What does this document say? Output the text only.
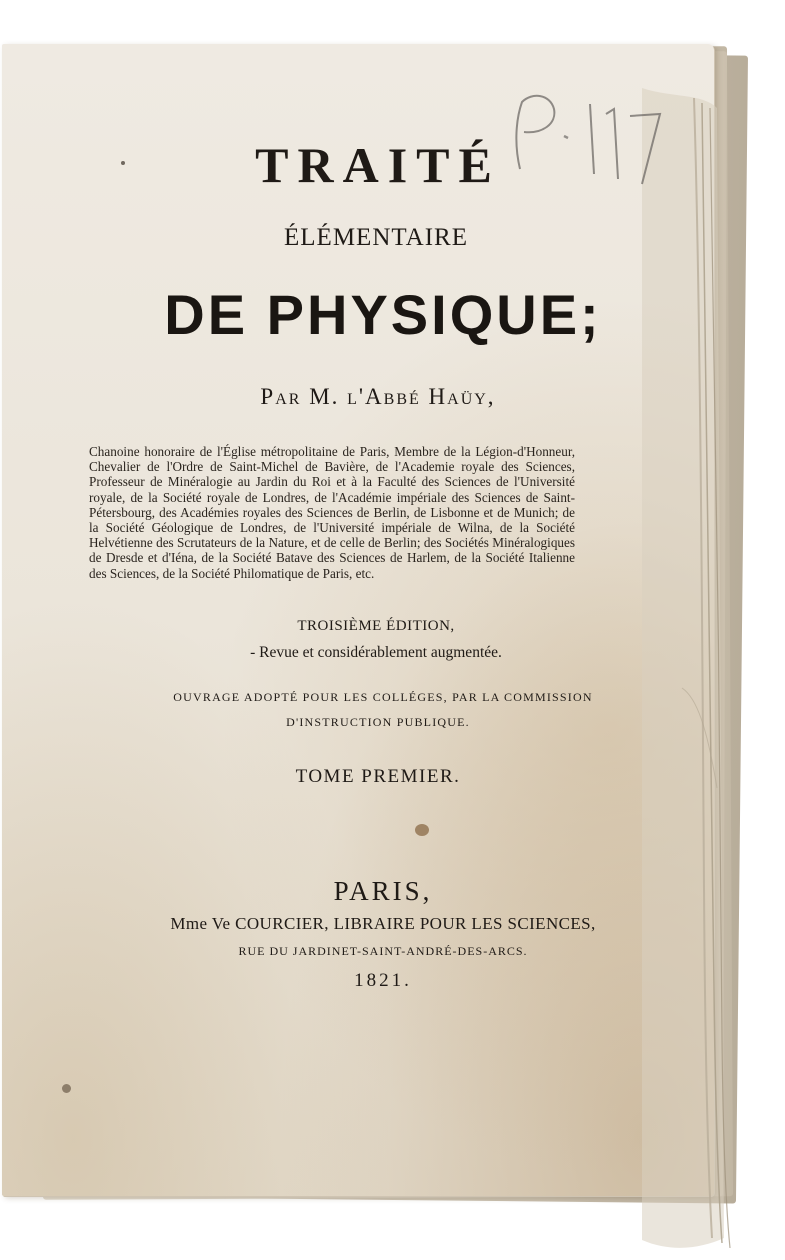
P. 117
TRAITÉ
ÉLÉMENTAIRE
DE PHYSIQUE;
Par M. l'Abbé Haüy,
Chanoine honoraire de l'Église métropolitaine de Paris, Membre de la Légion-d'Honneur, Chevalier de l'Ordre de Saint-Michel de Bavière, de l'Academie royale des Sciences, Professeur de Minéralogie au Jardin du Roi et à la Faculté des Sciences de l'Université royale, de la Société royale de Londres, de l'Académie impériale des Sciences de Saint-Pétersbourg, des Académies royales des Sciences de Berlin, de Lisbonne et de Munich; de la Société Géologique de Londres, de l'Université impériale de Wilna, de la Société Helvétienne des Scrutateurs de la Nature, et de celle de Berlin; des Sociétés Minéralogiques de Dresde et d'Iéna, de la Société Batave des Sciences de Harlem, de la Société Italienne des Sciences, de la Société Philomatique de Paris, etc.
TROISIÈME ÉDITION,
- Revue et considérablement augmentée.
OUVRAGE ADOPTÉ POUR LES COLLÉGES, PAR LA COMMISSION
D'INSTRUCTION PUBLIQUE.
TOME PREMIER.
PARIS,
Mme Ve COURCIER, LIBRAIRE POUR LES SCIENCES,
RUE DU JARDINET-SAINT-ANDRÉ-DES-ARCS.
1821.
